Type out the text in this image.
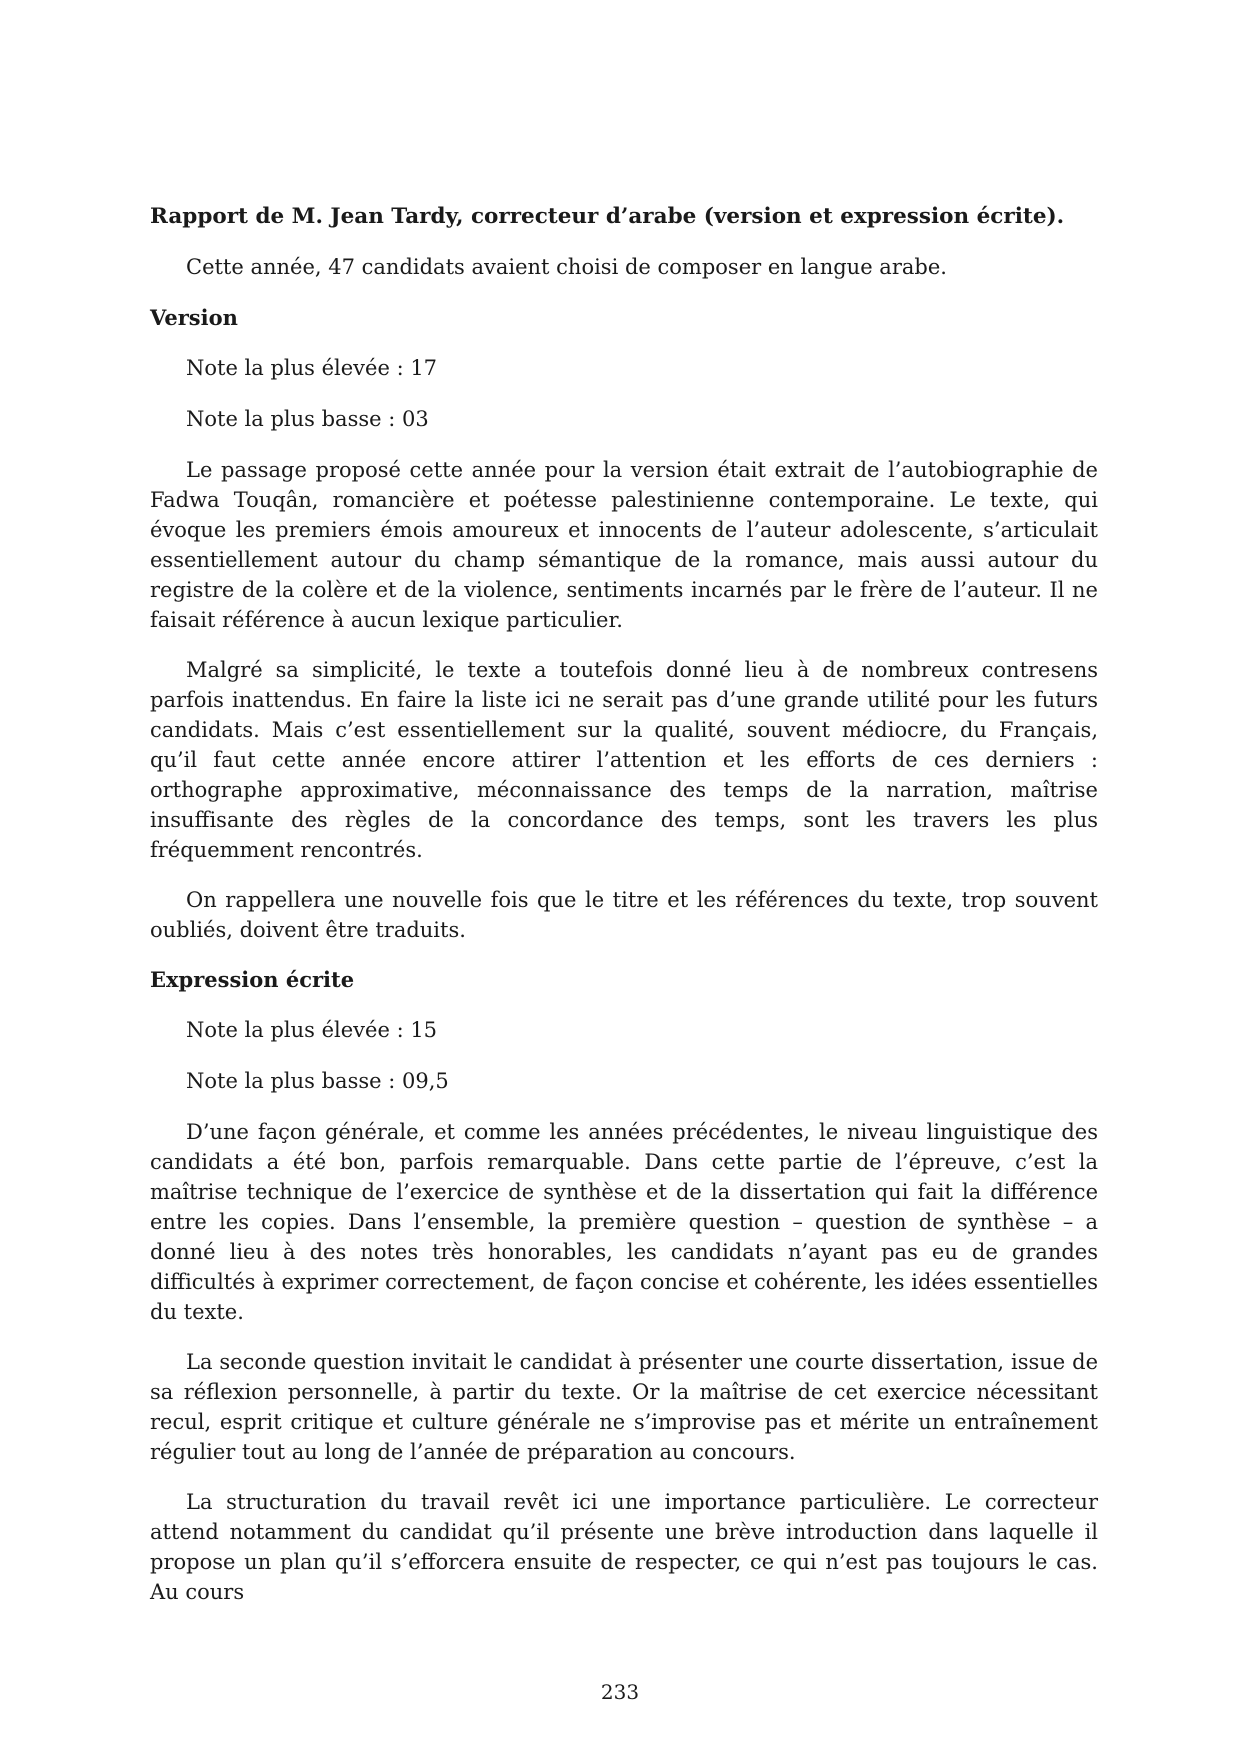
Rapport de M. Jean Tardy, correcteur d’arabe (version et expression écrite).

Cette année, 47 candidats avaient choisi de composer en langue arabe.

Version
Note la plus élevée : 17
Note la plus basse : 03

Le passage proposé cette année pour la version était extrait de l’autobiographie de Fadwa Touqân, romancière et poétesse palestinienne contemporaine. Le texte, qui évoque les premiers émois amoureux et innocents de l’auteur adolescente, s’articulait essentiellement autour du champ sémantique de la romance, mais aussi autour du registre de la colère et de la violence, sentiments incarnés par le frère de l’auteur. Il ne faisait référence à aucun lexique particulier.

Malgré sa simplicité, le texte a toutefois donné lieu à de nombreux contresens parfois inattendus. En faire la liste ici ne serait pas d’une grande utilité pour les futurs candidats. Mais c’est essentiellement sur la qualité, souvent médiocre, du Français, qu’il faut cette année encore attirer l’attention et les efforts de ces derniers : orthographe approximative, méconnaissance des temps de la narration, maîtrise insuffisante des règles de la concordance des temps, sont les travers les plus fréquemment rencontrés.

On rappellera une nouvelle fois que le titre et les références du texte, trop souvent oubliés, doivent être traduits.

Expression écrite
Note la plus élevée : 15
Note la plus basse : 09,5

D’une façon générale, et comme les années précédentes, le niveau linguistique des candidats a été bon, parfois remarquable. Dans cette partie de l’épreuve, c’est la maîtrise technique de l’exercice de synthèse et de la dissertation qui fait la différence entre les copies. Dans l’ensemble, la première question – question de synthèse – a donné lieu à des notes très honorables, les candidats n’ayant pas eu de grandes difficultés à exprimer correctement, de façon concise et cohérente, les idées essentielles du texte.

La seconde question invitait le candidat à présenter une courte dissertation, issue de sa réflexion personnelle, à partir du texte. Or la maîtrise de cet exercice nécessitant recul, esprit critique et culture générale ne s’improvise pas et mérite un entraînement régulier tout au long de l’année de préparation au concours.

La structuration du travail revêt ici une importance particulière. Le correcteur attend notamment du candidat qu’il présente une brève introduction dans laquelle il propose un plan qu’il s’efforcera ensuite de respecter, ce qui n’est pas toujours le cas. Au cours

233
